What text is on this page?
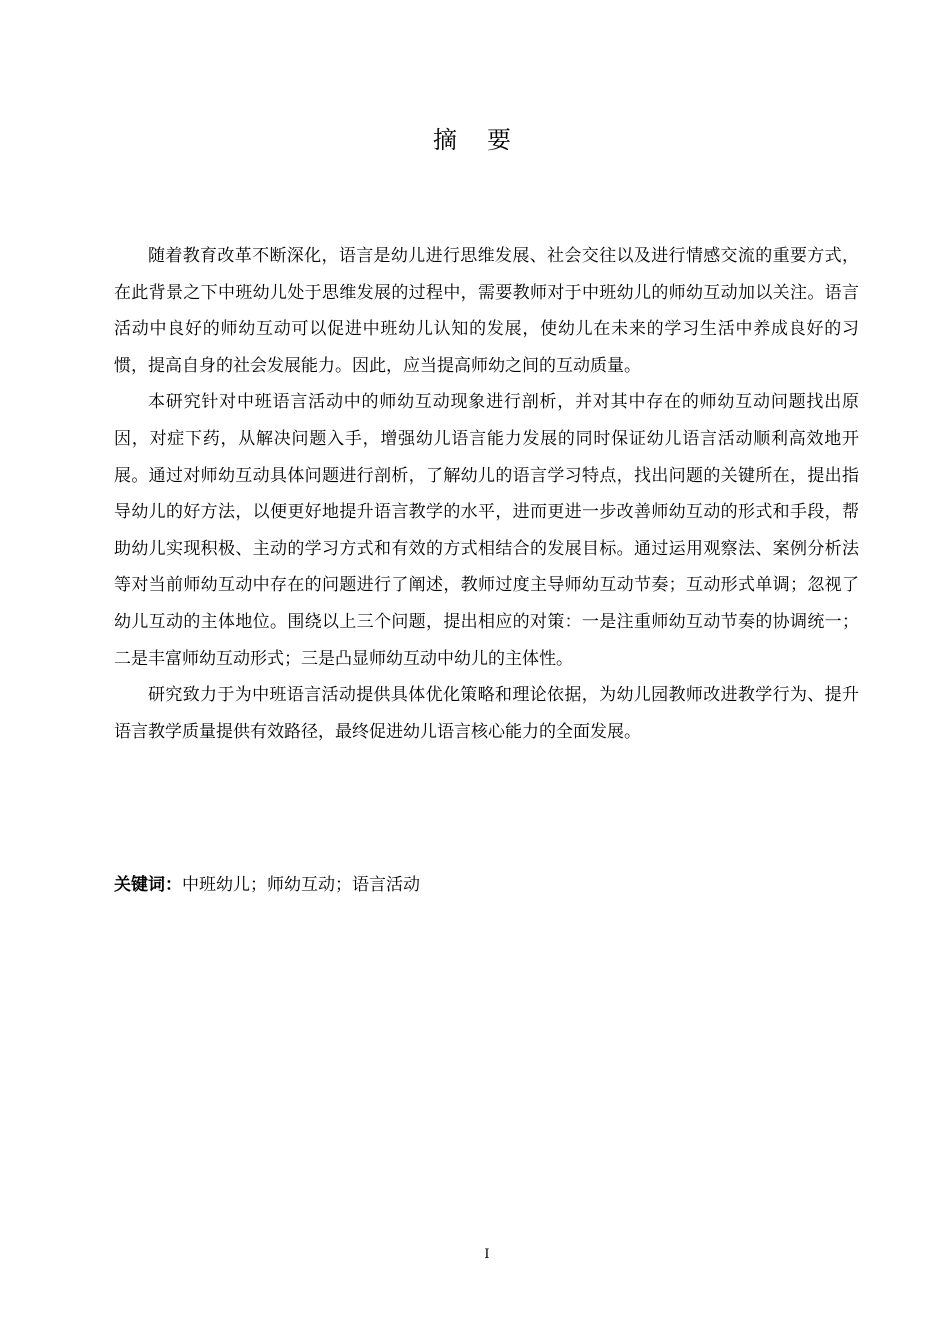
摘要

随着教育改革不断深化，语言是幼儿进行思维发展、社会交往以及进行情感交流的重要方式，在此背景之下中班幼儿处于思维发展的过程中，需要教师对于中班幼儿的师幼互动加以关注。语言活动中良好的师幼互动可以促进中班幼儿认知的发展，使幼儿在未来的学习生活中养成良好的习惯，提高自身的社会发展能力。因此，应当提高师幼之间的互动质量。

本研究针对中班语言活动中的师幼互动现象进行剖析，并对其中存在的师幼互动问题找出原因，对症下药，从解决问题入手，增强幼儿语言能力发展的同时保证幼儿语言活动顺利高效地开展。通过对师幼互动具体问题进行剖析，了解幼儿的语言学习特点，找出问题的关键所在，提出指导幼儿的好方法，以便更好地提升语言教学的水平，进而更进一步改善师幼互动的形式和手段，帮助幼儿实现积极、主动的学习方式和有效的方式相结合的发展目标。通过运用观察法、案例分析法等对当前师幼互动中存在的问题进行了阐述，教师过度主导师幼互动节奏；互动形式单调；忽视了幼儿互动的主体地位。围绕以上三个问题，提出相应的对策：一是注重师幼互动节奏的协调统一；二是丰富师幼互动形式；三是凸显师幼互动中幼儿的主体性。

研究致力于为中班语言活动提供具体优化策略和理论依据，为幼儿园教师改进教学行为、提升语言教学质量提供有效路径，最终促进幼儿语言核心能力的全面发展。

关键词：中班幼儿；师幼互动；语言活动
I
